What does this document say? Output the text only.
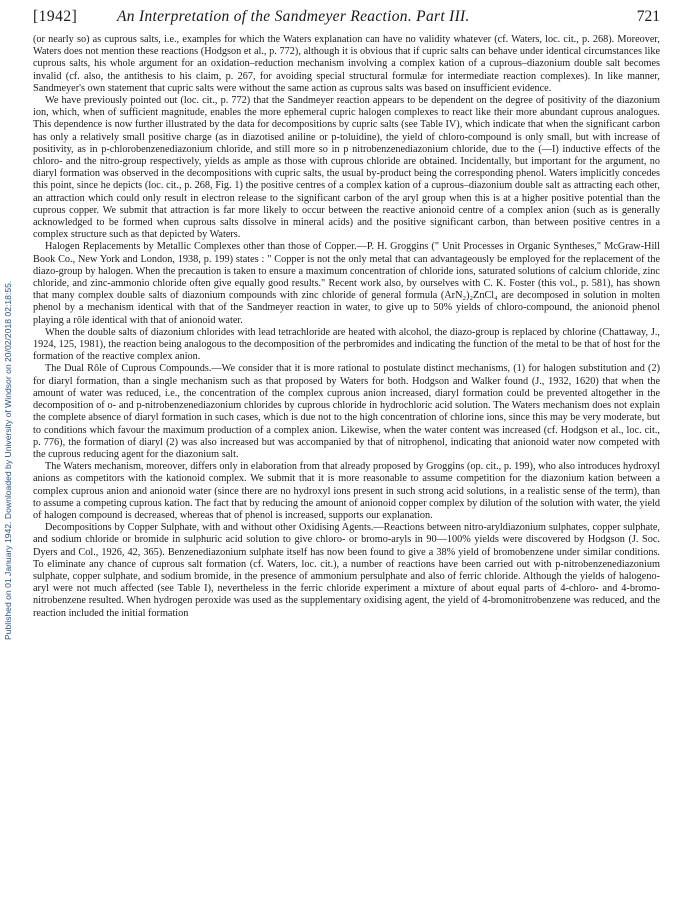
Published on 01 January 1942. Downloaded by University of Windsor on 20/02/2018 02:18:55.
[1942]	An Interpretation of the Sandmeyer Reaction. Part III.	721

(or nearly so) as cuprous salts, i.e., examples for which the Waters explanation can have no validity whatever (cf. Waters, loc. cit., p. 268). Moreover, Waters does not mention these reactions (Hodgson et al., p. 772), although it is obvious that if cupric salts can behave under identical circumstances like cuprous salts, his whole argument for an oxidation–reduction mechanism involving a complex kation of a cuprous–diazonium double salt becomes invalid (cf. also, the antithesis to his claim, p. 267, for avoiding special structural formulæ for intermediate reaction complexes). In like manner, Sandmeyer's own statement that cupric salts were without the same action as cuprous salts was based on insufficient evidence.

We have previously pointed out (loc. cit., p. 772) that the Sandmeyer reaction appears to be dependent on the degree of positivity of the diazonium ion, which, when of sufficient magnitude, enables the more ephemeral cupric halogen complexes to react like their more abundant cuprous analogues. This dependence is now further illustrated by the data for decompositions by cupric salts (see Table IV), which indicate that when the significant carbon has only a relatively small positive charge (as in diazotised aniline or p-toluidine), the yield of chloro-compound is only small, but with increase of positivity, as in p-chlorobenzenediazonium chloride, and still more so in p nitrobenzenediazonium chloride, due to the (—I) inductive effects of the chloro- and the nitro-group respectively, yields as ample as those with cuprous chloride are obtained. Incidentally, but important for the argument, no diaryl formation was observed in the decompositions with cupric salts, the usual by-product being the corresponding phenol. Waters implicitly concedes this point, since he depicts (loc. cit., p. 268, Fig. 1) the positive centres of a complex kation of a cuprous–diazonium double salt as attracting each other, an attraction which could only result in electron release to the significant carbon of the aryl group when this is at a higher positive potential than the cuprous copper. We submit that attraction is far more likely to occur between the reactive anionoid centre of a complex anion (such as is generally acknowledged to be formed when cuprous salts dissolve in mineral acids) and the positive significant carbon, than between positive centres in a complex structure such as that depicted by Waters.

Halogen Replacements by Metallic Complexes other than those of Copper.—P. H. Groggins (" Unit Processes in Organic Syntheses," McGraw-Hill Book Co., New York and London, 1938, p. 199) states : " Copper is not the only metal that can advantageously be employed for the replacement of the diazo-group by halogen. When the precaution is taken to ensure a maximum concentration of chloride ions, saturated solutions of calcium chloride, zinc chloride, and zinc-ammonio chloride often give equally good results." Recent work also, by ourselves with C. K. Foster (this vol., p. 581), has shown that many complex double salts of diazonium compounds with zinc chloride of general formula (ArN₂)₂ZnCl₄ are decomposed in solution in molten phenol by a mechanism identical with that of the Sandmeyer reaction in water, to give up to 50% yields of chloro-compound, the anionoid phenol playing a rôle identical with that of anionoid water.

When the double salts of diazonium chlorides with lead tetrachloride are heated with alcohol, the diazo-group is replaced by chlorine (Chattaway, J., 1924, 125, 1981), the reaction being analogous to the decomposition of the perbromides and indicating the function of the metal to be that of host for the formation of the reactive complex anion.

The Dual Rôle of Cuprous Compounds.—We consider that it is more rational to postulate distinct mechanisms, (1) for halogen substitution and (2) for diaryl formation, than a single mechanism such as that proposed by Waters for both. Hodgson and Walker found (J., 1932, 1620) that when the amount of water was reduced, i.e., the concentration of the complex cuprous anion increased, diaryl formation could be prevented altogether in the decomposition of o- and p-nitrobenzenediazonium chlorides by cuprous chloride in hydrochloric acid solution. The Waters mechanism does not explain the complete absence of diaryl formation in such cases, which is due not to the high concentration of chlorine ions, since this may be very moderate, but to conditions which favour the maximum production of a complex anion. Likewise, when the water content was increased (cf. Hodgson et al., loc. cit., p. 776), the formation of diaryl (2) was also increased but was accompanied by that of nitrophenol, indicating that anionoid water now competed with the cuprous reducing agent for the diazonium salt.

The Waters mechanism, moreover, differs only in elaboration from that already proposed by Groggins (op. cit., p. 199), who also introduces hydroxyl anions as competitors with the kationoid complex. We submit that it is more reasonable to assume competition for the diazonium kation between a complex cuprous anion and anionoid water (since there are no hydroxyl ions present in such strong acid solutions, in a realistic sense of the term), than to assume a competing cuprous kation. The fact that by reducing the amount of anionoid copper complex by dilution of the solution with water, the yield of halogen compound is decreased, whereas that of phenol is increased, supports our explanation.

Decompositions by Copper Sulphate, with and without other Oxidising Agents.—Reactions between nitro-aryldiazonium sulphates, copper sulphate, and sodium chloride or bromide in sulphuric acid solution to give chloro- or bromo-aryls in 90—100% yields were discovered by Hodgson (J. Soc. Dyers and Col., 1926, 42, 365). Benzenediazonium sulphate itself has now been found to give a 38% yield of bromobenzene under similar conditions. To eliminate any chance of cuprous salt formation (cf. Waters, loc. cit.), a number of reactions have been carried out with p-nitrobenzenediazonium sulphate, copper sulphate, and sodium bromide, in the presence of ammonium persulphate and also of ferric chloride. Although the yields of halogeno-aryl were not much affected (see Table I), nevertheless in the ferric chloride experiment a mixture of about equal parts of 4-chloro- and 4-bromo-nitrobenzene resulted. When hydrogen peroxide was used as the supplementary oxidising agent, the yield of 4-bromonitrobenzene was reduced, and the reaction included the initial formation
